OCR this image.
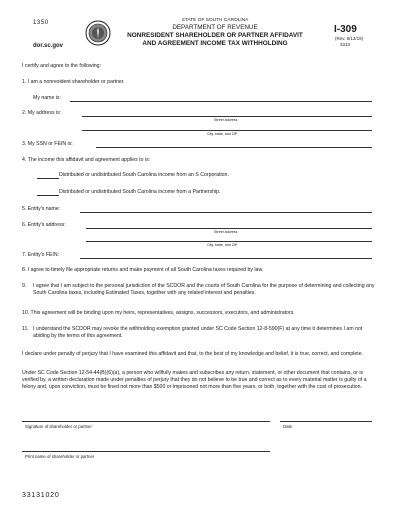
1350
dor.sc.gov
STATE OF SOUTH CAROLINA
DEPARTMENT OF REVENUE
NONRESIDENT SHAREHOLDER OR PARTNER AFFIDAVIT
AND AGREEMENT INCOME TAX WITHHOLDING
I-309
(Rev. 6/12/19)
3313
I certify and agree to the following:
1. I am a nonresident shareholder or partner.
My name is:
2. My address is:
Street address
City, state, and ZIP
3. My SSN or FEIN is:
4. The income this affidavit and agreement applies to is:
Distributed or undistributed South Carolina income from an S Corporation.
Distributed or undistributed South Carolina income from a Partnership.
5. Entity's name:
6. Entity's address:
Street address
City, state, and ZIP
7. Entity's FEIN:
8. I agree to timely file appropriate returns and make payment of all South Carolina taxes required by law.
9. I agree that I am subject to the personal jurisdiction of the SCDOR and the courts of South Carolina for the purpose of determining and collecting any South Carolina taxes, including Estimated Taxes, together with any related interest and penalties.
10. This agreement will be binding upon my heirs, representatives, assigns, successors, executors, and administrators.
11. I understand the SCDOR may revoke the withholding exemption granted under SC Code Section 12-8-590(F) at any time it determines I am not abiding by the terms of this agreement.
I declare under penalty of perjury that I have examined this affidavit and that, to the best of my knowledge and belief, it is true, correct, and complete.
Under SC Code Section 12-54-44(B)(6)(a), a person who willfully makes and subscribes any return, statement, or other document that contains, or is verified by, a written declaration made under penalties of perjury that they do not believe to be true and correct as to every material matter is guilty of a felony and, upon conviction, must be fined not more than $500 or imprisoned not more than five years, or both, together with the cost of prosecution.
Signature of shareholder or partner	Date
Print name of shareholder or partner
33131020
